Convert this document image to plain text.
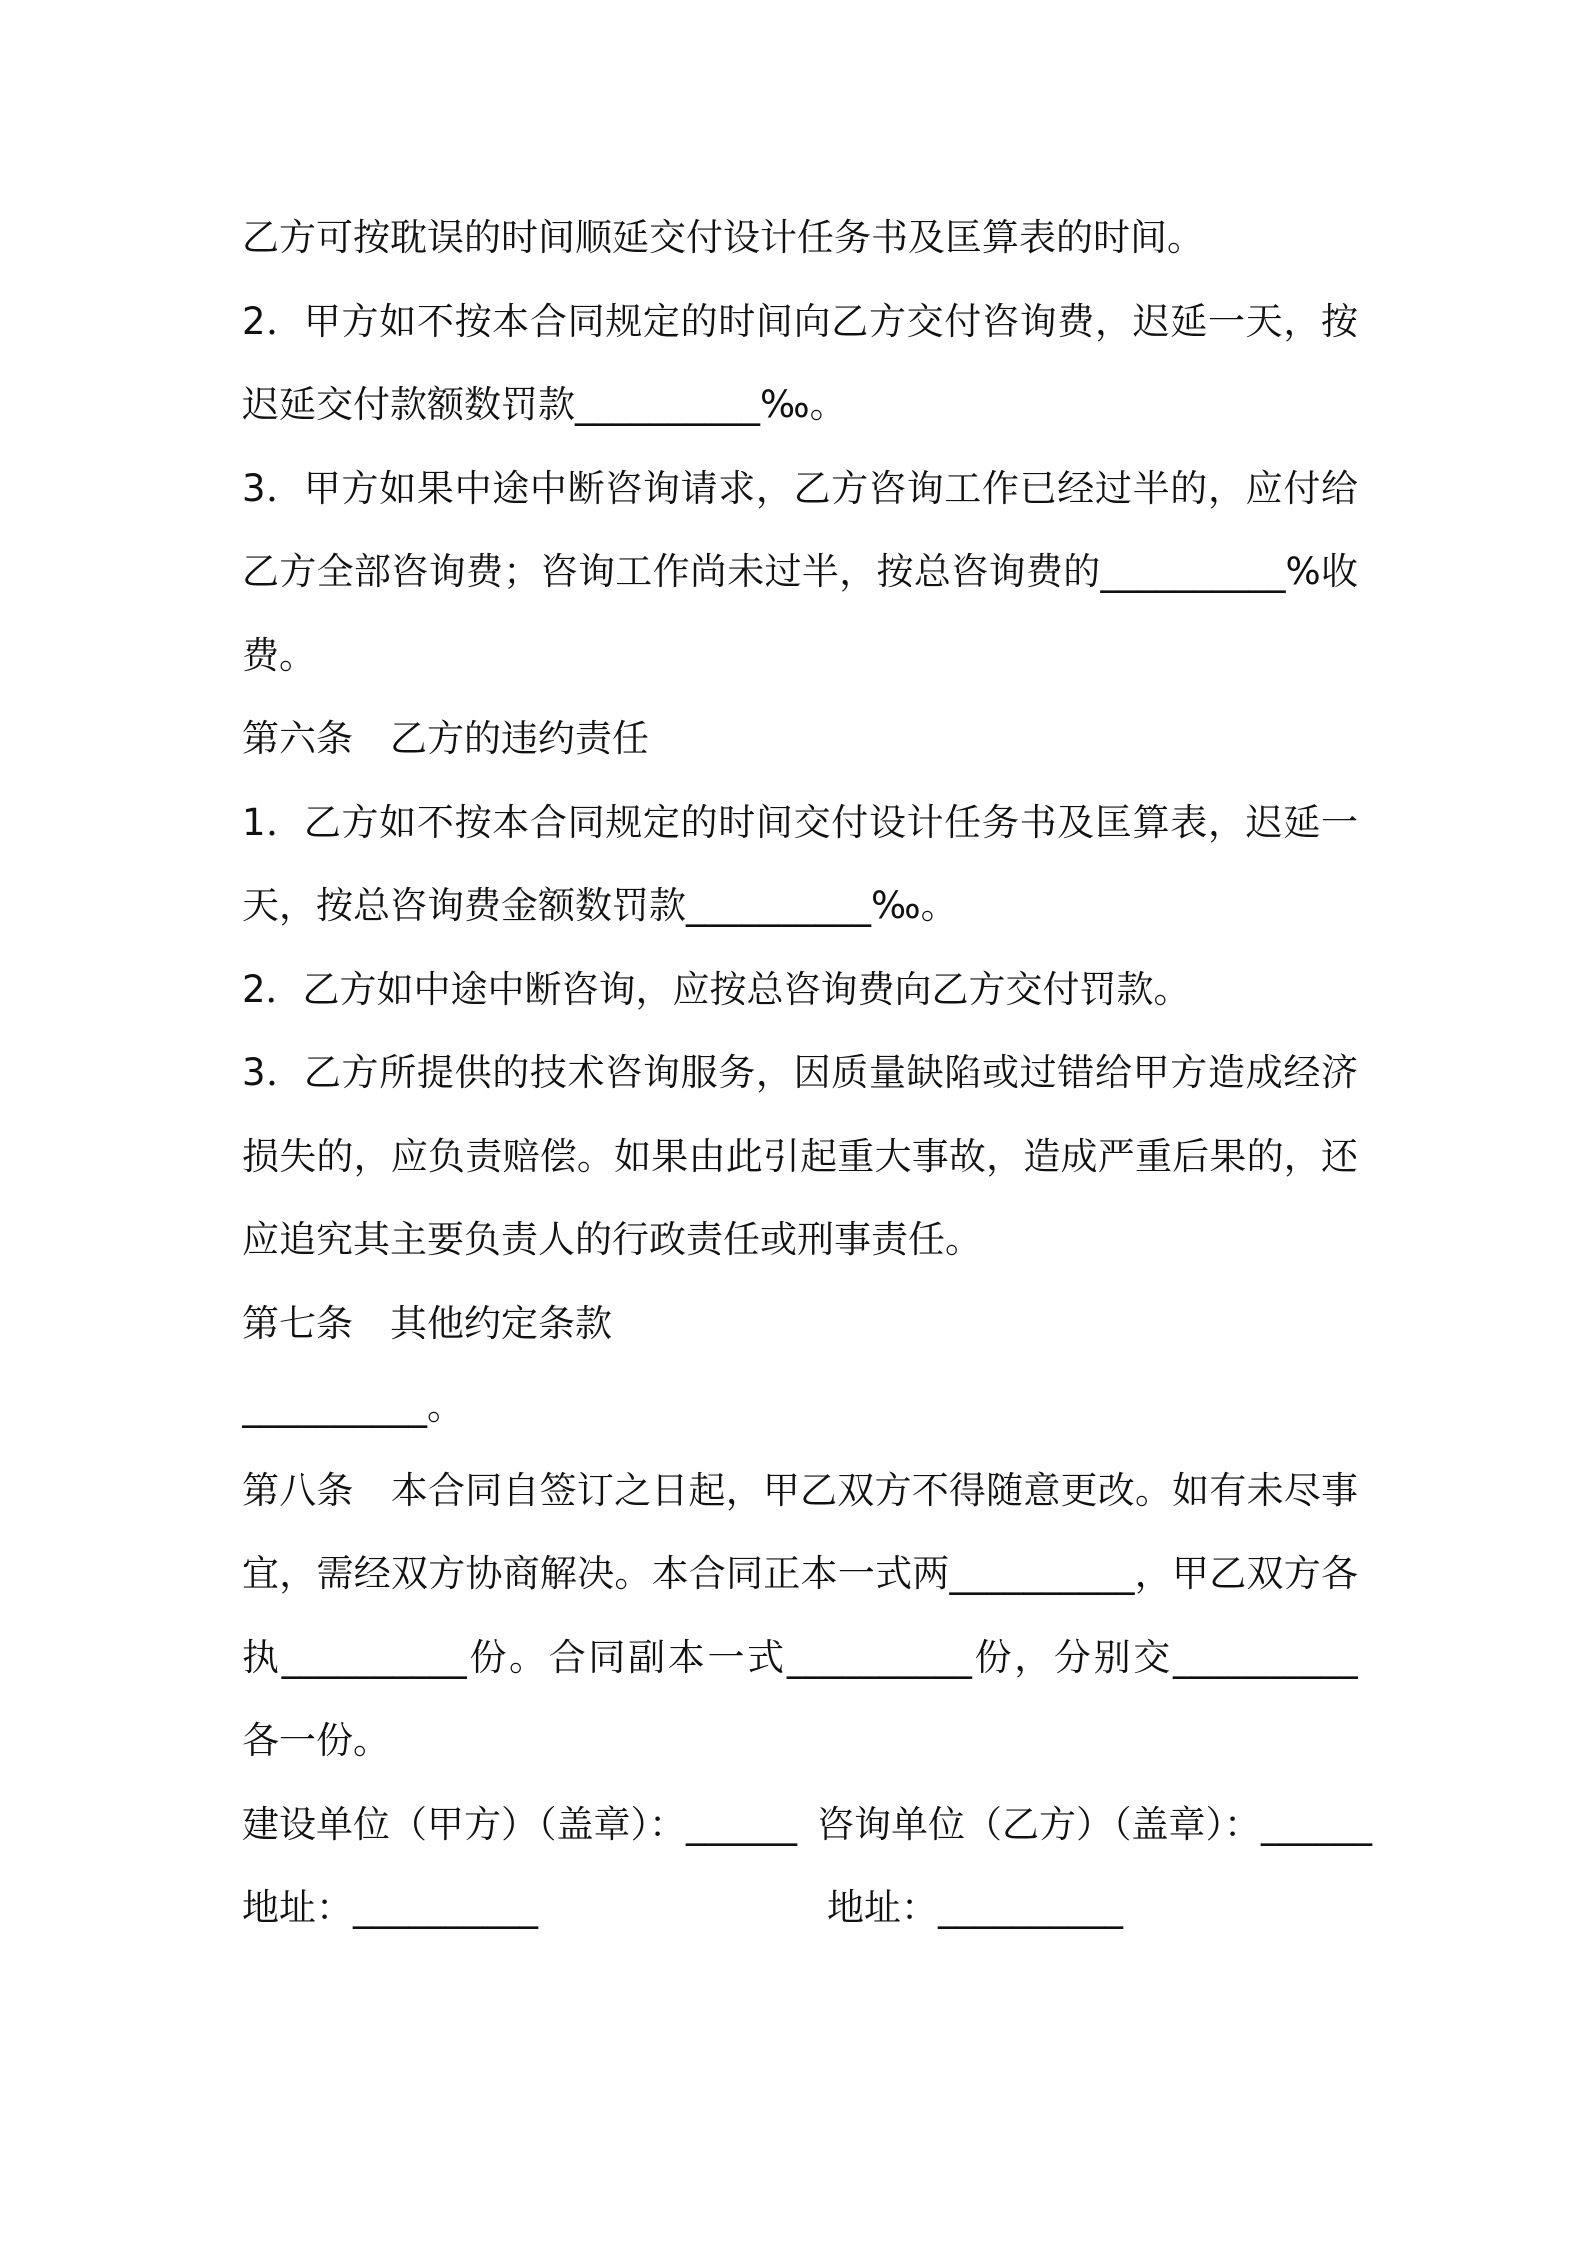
乙方可按耽误的时间顺延交付设计任务书及匡算表的时间。
2．甲方如不按本合同规定的时间向乙方交付咨询费，迟延一天，按
迟延交付款额数罚款__________‰。
3．甲方如果中途中断咨询请求，乙方咨询工作已经过半的，应付给
乙方全部咨询费；咨询工作尚未过半，按总咨询费的__________%收
费。
第六条　乙方的违约责任
1．乙方如不按本合同规定的时间交付设计任务书及匡算表，迟延一
天，按总咨询费金额数罚款__________‰。
2．乙方如中途中断咨询，应按总咨询费向乙方交付罚款。
3．乙方所提供的技术咨询服务，因质量缺陷或过错给甲方造成经济
损失的，应负责赔偿。如果由此引起重大事故，造成严重后果的，还
应追究其主要负责人的行政责任或刑事责任。
第七条　其他约定条款
__________。
第八条　本合同自签订之日起，甲乙双方不得随意更改。如有未尽事
宜，需经双方协商解决。本合同正本一式两__________，甲乙双方各
执__________份。合同副本一式__________份，分别交__________
各一份。

建设单位（甲方）（盖章）：______

咨询单位（乙方）（盖章）：______

地址：__________

	地址：__________
